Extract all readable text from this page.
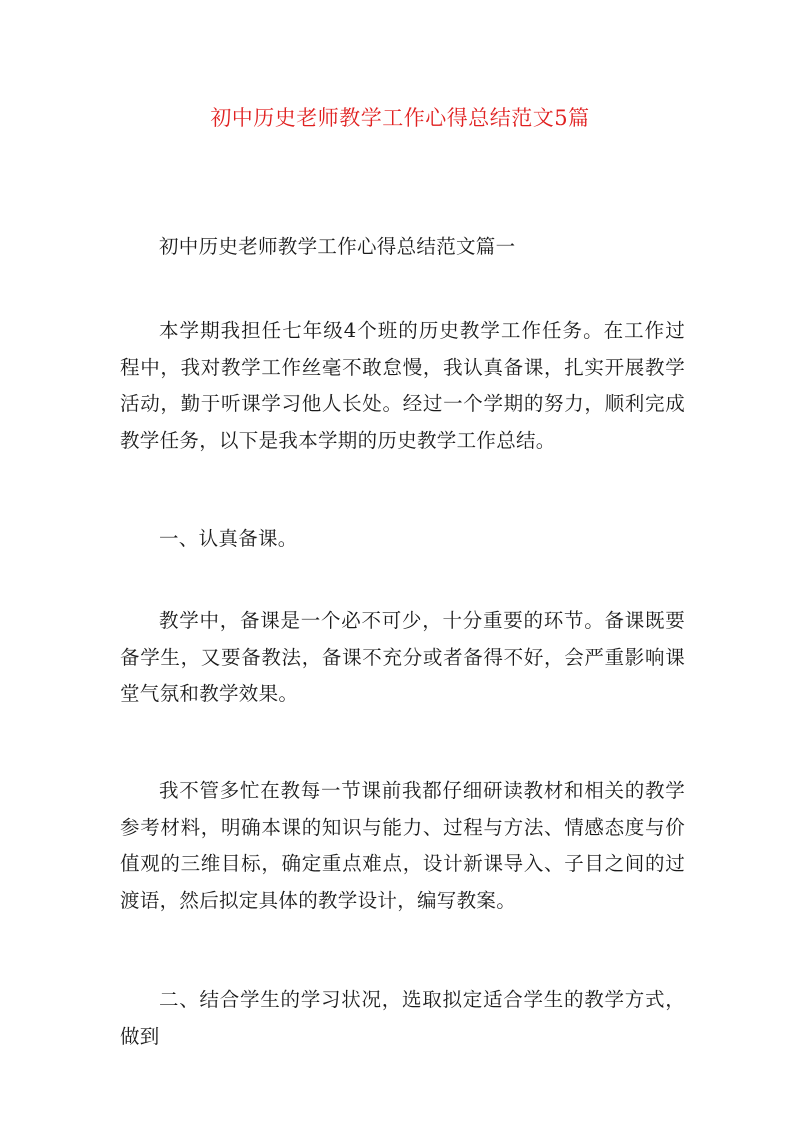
初中历史老师教学工作心得总结范文5篇
初中历史老师教学工作心得总结范文篇一
本学期我担任七年级4个班的历史教学工作任务。在工作过程中，我对教学工作丝毫不敢怠慢，我认真备课，扎实开展教学活动，勤于听课学习他人长处。经过一个学期的努力，顺利完成教学任务，以下是我本学期的历史教学工作总结。
一、认真备课。
教学中，备课是一个必不可少，十分重要的环节。备课既要备学生，又要备教法，备课不充分或者备得不好，会严重影响课堂气氛和教学效果。
我不管多忙在教每一节课前我都仔细研读教材和相关的教学参考材料，明确本课的知识与能力、过程与方法、情感态度与价值观的三维目标，确定重点难点，设计新课导入、子目之间的过渡语，然后拟定具体的教学设计，编写教案。
二、结合学生的学习状况，选取拟定适合学生的教学方式，做到
